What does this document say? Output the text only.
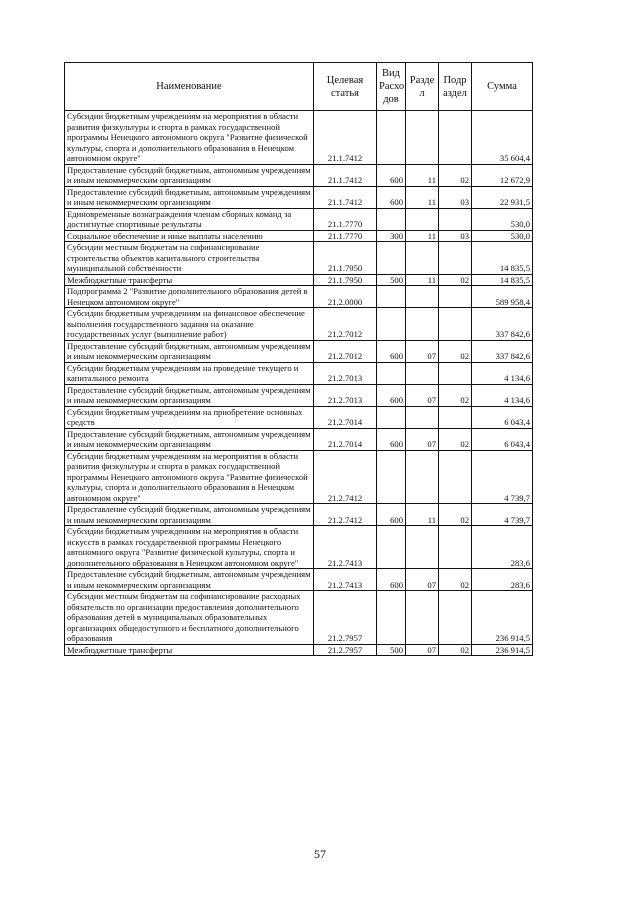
Наименование	Целевая статья	Вид Расхо дов	Разде л	Подр аздел	Сумма
Субсидии бюджетным учреждениям на мероприятия в области развития физкультуры и спорта в рамках государственной программы Ненецкого автономного округа "Развитие физической культуры, спорта и дополнительного образования в Ненецком автономном округе"	21.1.7412				35 604,4
Предоставление субсидий бюджетным, автономным учреждениям и иным некоммерческим организациям	21.1.7412	600	11	02	12 672,9
Предоставление субсидий бюджетным, автономным учреждениям и иным некоммерческим организациям	21.1.7412	600	11	03	22 931,5
Единовременные вознаграждения членам сборных команд за достигнутые спортивные результаты	21.1.7770				530,0
Социальное обеспечение и иные выплаты населению	21.1.7770	300	11	03	530,0
Субсидии местным бюджетам на софинансирование строительства объектов капитального строительства муниципальной собственности	21.1.7950				14 835,5
Межбюджетные трансферты	21.1.7950	500	11	02	14 835,5
Подпрограмма 2 "Развитие дополнительного образования детей в Ненецком автономном округе"	21.2.0000				589 958,4
Субсидии бюджетным учреждениям на финансовое обеспечение выполнения государственного задания на оказание государственных услуг (выполнение работ)	21.2.7012				337 842,6
Предоставление субсидий бюджетным, автономным учреждениям и иным некоммерческим организациям	21.2.7012	600	07	02	337 842,6
Субсидии бюджетным учреждениям на проведение текущего и капитального ремонта	21.2.7013				4 134,6
Предоставление субсидий бюджетным, автономным учреждениям и иным некоммерческим организациям	21.2.7013	600	07	02	4 134,6
Субсидии бюджетным учреждениям на приобретение основных средств	21.2.7014				6 043,4
Предоставление субсидий бюджетным, автономным учреждениям и иным некоммерческим организациям	21.2.7014	600	07	02	6 043,4
Субсидии бюджетным учреждениям на мероприятия в области развития физкультуры и спорта в рамках государственной программы Ненецкого автономного округа "Развитие физической культуры, спорта и дополнительного образования в Ненецком автономном округе"	21.2.7412				4 739,7
Предоставление субсидий бюджетным, автономным учреждениям и иным некоммерческим организациям	21.2.7412	600	11	02	4 739,7
Субсидии бюджетным учреждениям на мероприятия в области искусств в рамках государственной программы Ненецкого автономного округа "Развитие физической культуры, спорта и дополнительного образования в Ненецком автономном округе"	21.2.7413				283,6
Предоставление субсидий бюджетным, автономным учреждениям и иным некоммерческим организациям	21.2.7413	600	07	02	283,6
Субсидии местным бюджетам на софинансирование расходных обязательств по организации предоставления дополнительного образования детей в муниципальных образовательных организациях общедоступного и бесплатного дополнительного образования	21.2.7957				236 914,5
Межбюджетные трансферты	21.2.7957	500	07	02	236 914,5
57
